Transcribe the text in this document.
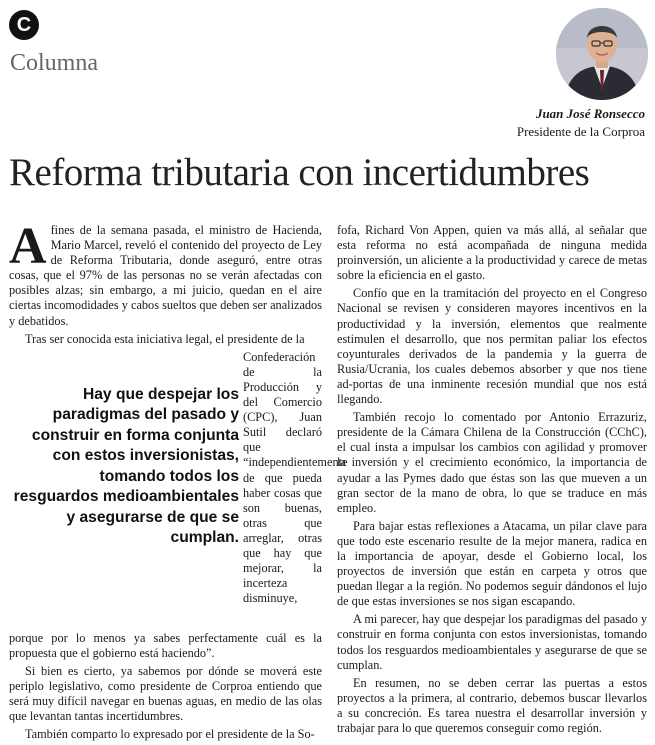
C
Columna
Juan José Ronsecco
Presidente de la Corproa
Reforma tributaria con incertidumbres

Afines de la semana pasada, el ministro de Hacienda, Mario Marcel, reveló el contenido del proyecto de Ley de Reforma Tributaria, donde aseguró, entre otras cosas, que el 97% de las personas no se verán afectadas con posibles alzas; sin embargo, a mi juicio, quedan en el aire ciertas incomodidades y cabos sueltos que deben ser analizados y debatidos.

Tras ser conocida esta iniciativa legal, el presidente de la

Hay que despejar los paradigmas del pasado y construir en forma conjunta con estos inversionistas, tomando todos los resguardos medioambientales y asegurarse de que se cumplan.
Confederación de la Producción y del Comercio (CPC), Juan Sutil declaró que “independientemente de que pueda haber cosas que son buenas, otras que arreglar, otras que hay que mejorar, la incerteza disminuye,

porque por lo menos ya sabes perfectamente cuál es la propuesta que el gobierno está haciendo”.

Si bien es cierto, ya sabemos por dónde se moverá este periplo legislativo, como presidente de Corproa entiendo que será muy difícil navegar en buenas aguas, en medio de las olas que levantan tantas incertidumbres.

También comparto lo expresado por el presidente de la So-

fofa, Richard Von Appen, quien va más allá, al señalar que esta reforma no está acompañada de ninguna medida proinversión, un aliciente a la productividad y carece de metas sobre la eficiencia en el gasto.

Confío que en la tramitación del proyecto en el Congreso Nacional se revisen y consideren mayores incentivos en la productividad y la inversión, elementos que realmente estimulen el desarrollo, que nos permitan paliar los efectos coyunturales derivados de la pandemia y la guerra de Rusia/Ucrania, los cuales debemos absorber y que nos tiene ad-portas de una inminente recesión mundial que nos está llegando.

También recojo lo comentado por Antonio Errazuriz, presidente de la Cámara Chilena de la Construcción (CChC), el cual insta a impulsar los cambios con agilidad y promover la inversión y el crecimiento económico, la importancia de ayudar a las Pymes dado que éstas son las que mueven a un gran sector de la mano de obra, lo que se traduce en más empleo.

Para bajar estas reflexiones a Atacama, un pilar clave para que todo este escenario resulte de la mejor manera, radica en la importancia de apoyar, desde el Gobierno local, los proyectos de inversión que están en carpeta y otros que puedan llegar a la región. No podemos seguir dándonos el lujo de que estas inversiones se nos sigan escapando.

A mi parecer, hay que despejar los paradigmas del pasado y construir en forma conjunta con estos inversionistas, tomando todos los resguardos medioambientales y asegurarse de que se cumplan.

En resumen, no se deben cerrar las puertas a estos proyectos a la primera, al contrario, debemos buscar llevarlos a su concreción. Es tarea nuestra el desarrollar inversión y trabajar para lo que queremos conseguir como región.
